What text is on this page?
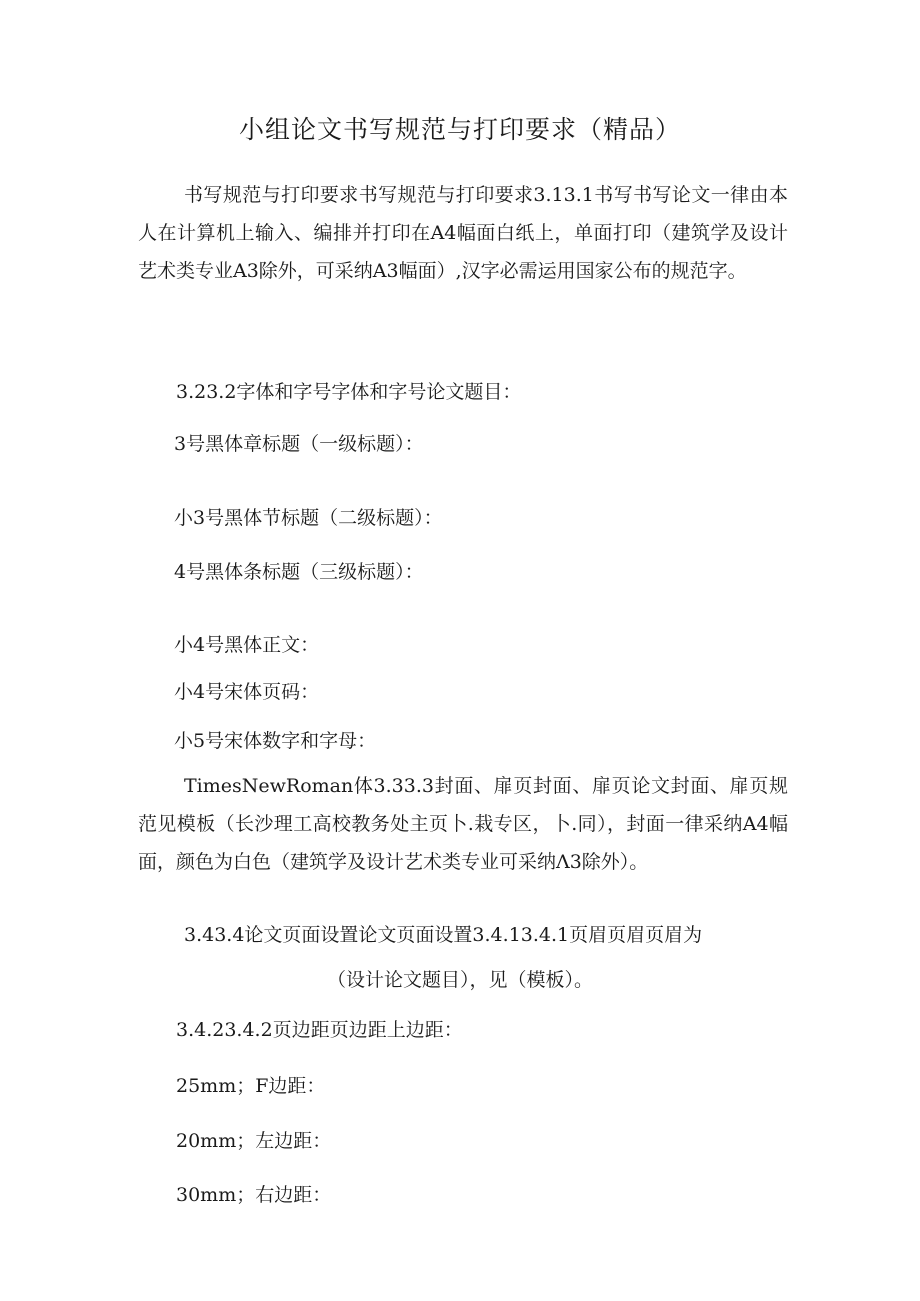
小组论文书写规范与打印要求（精品）

书写规范与打印要求书写规范与打印要求3.13.1书写书写论文一律由本人在计算机上输入、编排并打印在A4幅面白纸上，单面打印（建筑学及设计艺术类专业A3除外，可采纳A3幅面）,汉字必需运用国家公布的规范字。

3.23.2字体和字号字体和字号论文题目：

3号黑体章标题（一级标题）：

小3号黑体节标题（二级标题）：

4号黑体条标题（三级标题）：

小4号黑体正文：

小4号宋体页码：

小5号宋体数字和字母：

TimesNewRoman体3.33.3封面、扉页封面、扉页论文封面、扉页规范见模板（长沙理工高校教务处主页卜.栽专区，卜.同），封面一律采纳A4幅面，颜色为白色（建筑学及设计艺术类专业可采纳Λ3除外）。

3.43.4论文页面设置论文页面设置3.4.13.4.1页眉页眉页眉为

（设计论文题目），见（模板）。

3.4.23.4.2页边距页边距上边距：

25mm；F边距：

20mm；左边距：

30mm；右边距：
